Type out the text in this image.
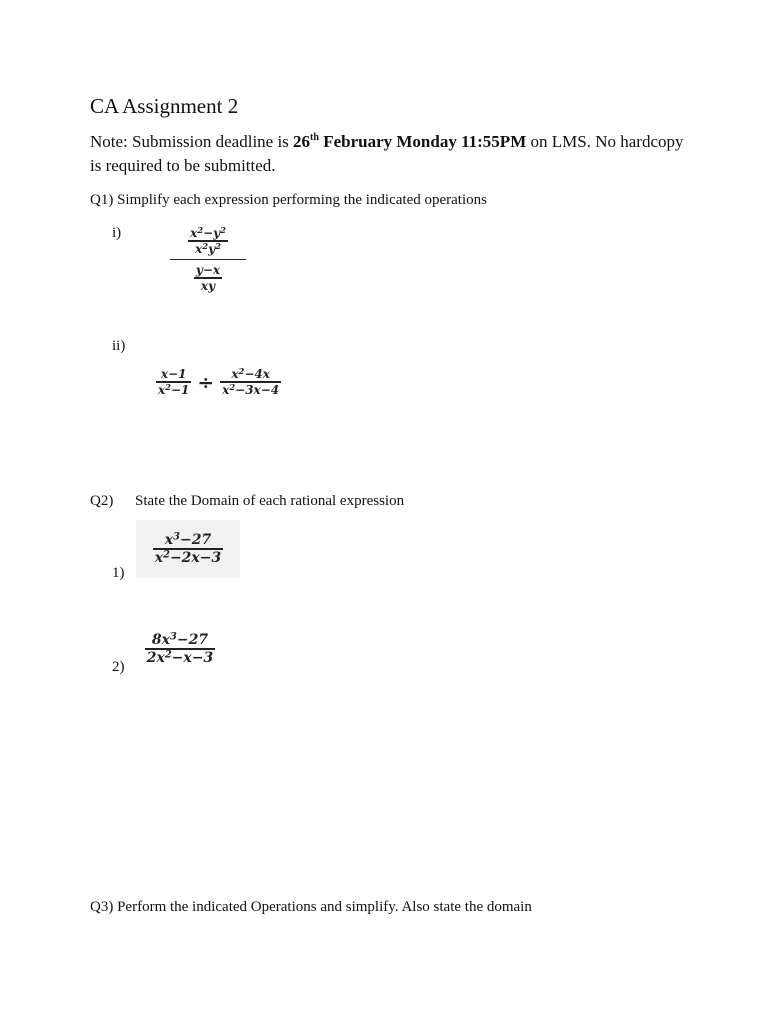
CA Assignment 2
Note: Submission deadline is 26th February Monday 11:55PM on LMS. No hardcopy is required to be submitted.
Q1) Simplify each expression performing the indicated operations
i)	$\frac{\frac{x^2-y^2}{x^2y^2}}{\frac{y-x}{xy}}$
ii)
$\frac{x-1}{x^2-1} \div \frac{x^2-4x}{x^2-3x-4}$
Q2) State the Domain of each rational expression
$\frac{x^3-27}{x^2-2x-3}$
1)
$\frac{8x^3-27}{2x^2-x-3}$
2)
Q3) Perform the indicated Operations and simplify. Also state the domain
